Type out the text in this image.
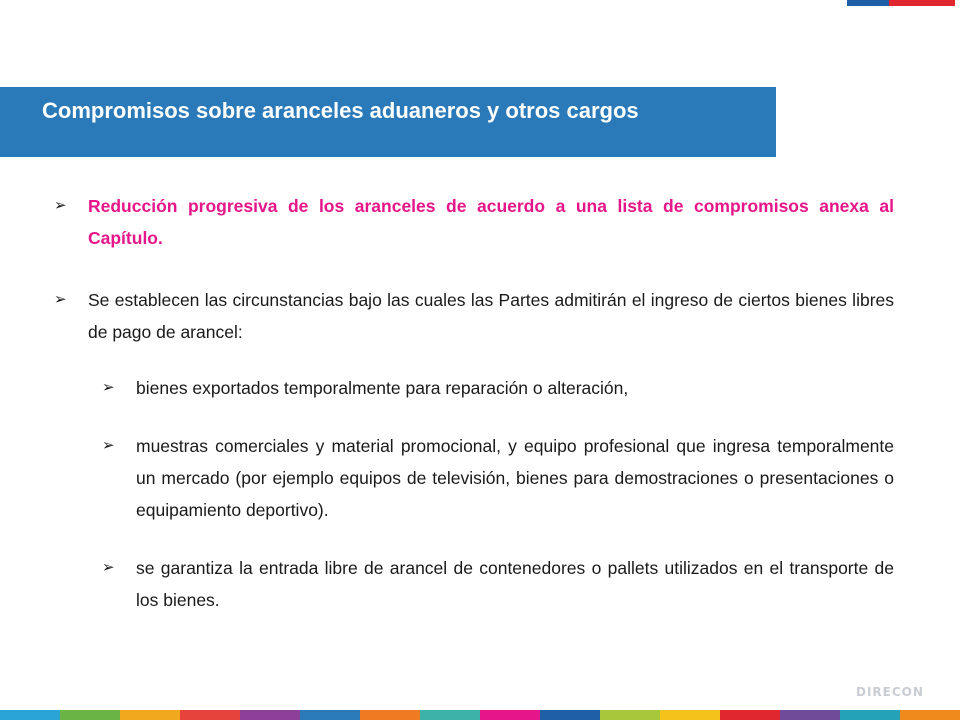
Compromisos sobre aranceles aduaneros y otros cargos
➢	Reducción progresiva de los aranceles de acuerdo a una lista de compromisos anexa al Capítulo.
➢	Se establecen las circunstancias bajo las cuales las Partes admitirán el ingreso de ciertos bienes libres de pago de arancel:
➢	bienes exportados temporalmente para reparación o alteración,
➢	muestras comerciales y material promocional, y equipo profesional que ingresa temporalmente un mercado (por ejemplo equipos de televisión, bienes para demostraciones o presentaciones o equipamiento deportivo).
➢	se garantiza la entrada libre de arancel de contenedores o pallets utilizados en el transporte de los bienes.
DIRECON
